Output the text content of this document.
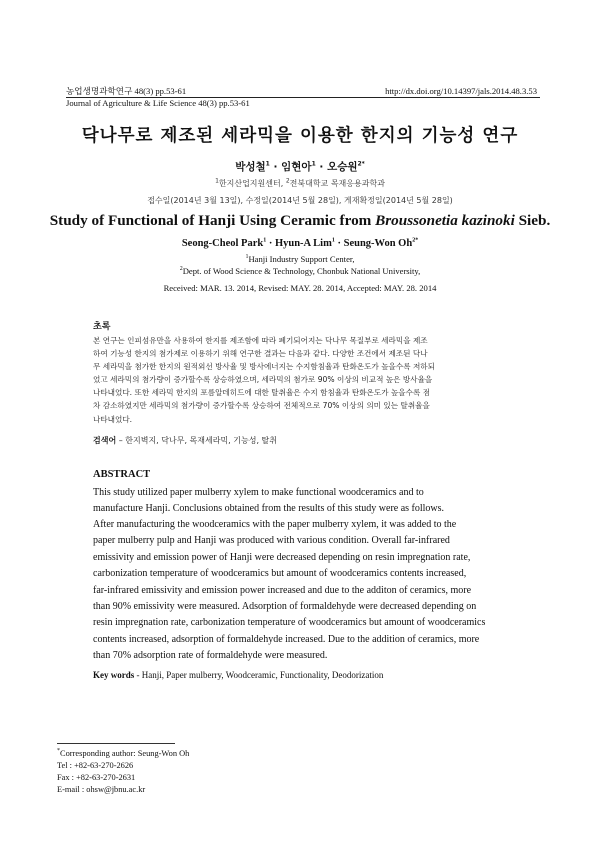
농업생명과학연구 48(3) pp.53-61
Journal of Agriculture & Life Science 48(3) pp.53-61
http://dx.doi.org/10.14397/jals.2014.48.3.53
닥나무로 제조된 세라믹을 이용한 한지의 기능성 연구
박성철$^1$ · 임현아$^1$ · 오승원$^{2*}$
$^1$한지산업지원센터, $^2$전북대학교 목재응용과학과
접수일(2014년 3월 13일), 수정일(2014년 5월 28일), 게재확정일(2014년 5월 28일)
Study of Functional of Hanji Using Ceramic from Broussonetia kazinoki Sieb.
Seong-Cheol Park$^1$ · Hyun-A Lim$^1$ · Seung-Won $Oh^{2*}$
$^1$Hanji Industry Support Center,
$^2$Dept. of Wood Science & Technology, Chonbuk National University,
Received: MAR. 13. 2014, Revised: MAY. 28. 2014, Accepted: MAY. 28. 2014
초록
본 연구는 인피섬유만을 사용하여 한지를 제조함에 따라 폐기되어지는 닥나무 목질부로 세라믹을 제조
하여 기능성 한지의 첨가제로 이용하기 위해 연구한 결과는 다음과 같다. 다양한 조건에서 제조된 닥나
무 세라믹을 첨가한 한지의 원적외선 방사율 및 방사에너지는 수지함침율과 탄화온도가 높을수록 저하되
었고 세라믹의 첨가량이 증가할수록 상승하였으며, 세라믹의 첨가로 90% 이상의 비교적 높은 방사율을
나타내었다. 또한 세라믹 한지의 포름알데히드에 대한 탈취율은 수지 함침율과 탄화온도가 높을수록 점
차 감소하였지만 세라믹의 첨가량이 증가할수록 상승하여 전체적으로 70% 이상의 의미 있는 탈취율을
나타내었다.
검색어 – 한지벽지, 닥나무, 목재세라믹, 기능성, 탈취
ABSTRACT
This study utilized paper mulberry xylem to make functional woodceramics and to
manufacture Hanji. Conclusions obtained from the results of this study were as follows.
After manufacturing the woodceramics with the paper mulberry xylem, it was added to the
paper mulberry pulp and Hanji was produced with various condition. Overall far-infrared
emissivity and emission power of Hanji were decreased depending on resin impregnation rate,
carbonization temperature of woodceramics but amount of woodceramics contents increased,
far-infrared emissivity and emission power increased and due to the additon of ceramics, more
than 90% emissivity were measured. Adsorption of formaldehyde were decreased depending on
resin impregnation rate, carbonization temperature of woodceramics but amount of woodceramics
contents increased, adsorption of formaldehyde increased. Due to the addition of ceramics, more
than 70% adsorption rate of formaldehyde were measured.
Key words - Hanji, Paper mulberry, Woodceramic, Functionality, Deodorization
*Corresponding author: Seung-Won Oh
Tel : +82-63-270-2626
Fax : +82-63-270-2631
E-mail : ohsw@jbnu.ac.kr
